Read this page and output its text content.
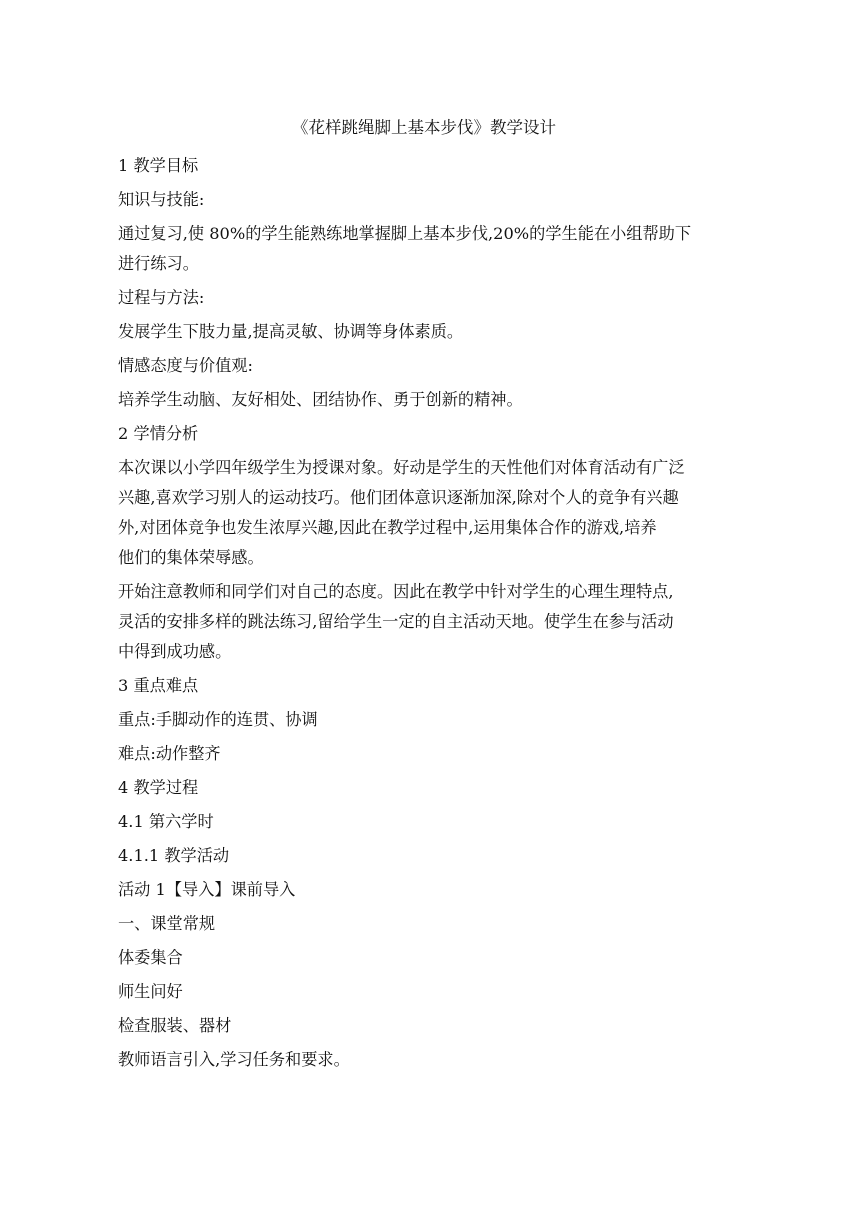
《花样跳绳脚上基本步伐》教学设计
1 教学目标
知识与技能:
通过复习,使 80%的学生能熟练地掌握脚上基本步伐,20%的学生能在小组帮助下
进行练习。
过程与方法:
发展学生下肢力量,提高灵敏、协调等身体素质。
情感态度与价值观:
培养学生动脑、友好相处、团结协作、勇于创新的精神。
2 学情分析
本次课以小学四年级学生为授课对象。好动是学生的天性他们对体育活动有广泛
兴趣,喜欢学习别人的运动技巧。他们团体意识逐渐加深,除对个人的竞争有兴趣
外,对团体竞争也发生浓厚兴趣,因此在教学过程中,运用集体合作的游戏,培养
他们的集体荣辱感。
开始注意教师和同学们对自己的态度。因此在教学中针对学生的心理生理特点,
灵活的安排多样的跳法练习,留给学生一定的自主活动天地。使学生在参与活动
中得到成功感。
3 重点难点
重点:手脚动作的连贯、协调
难点:动作整齐
4 教学过程
4.1 第六学时
4.1.1 教学活动
活动 1【导入】课前导入
一、课堂常规
体委集合
师生问好
检查服装、器材
教师语言引入,学习任务和要求。
